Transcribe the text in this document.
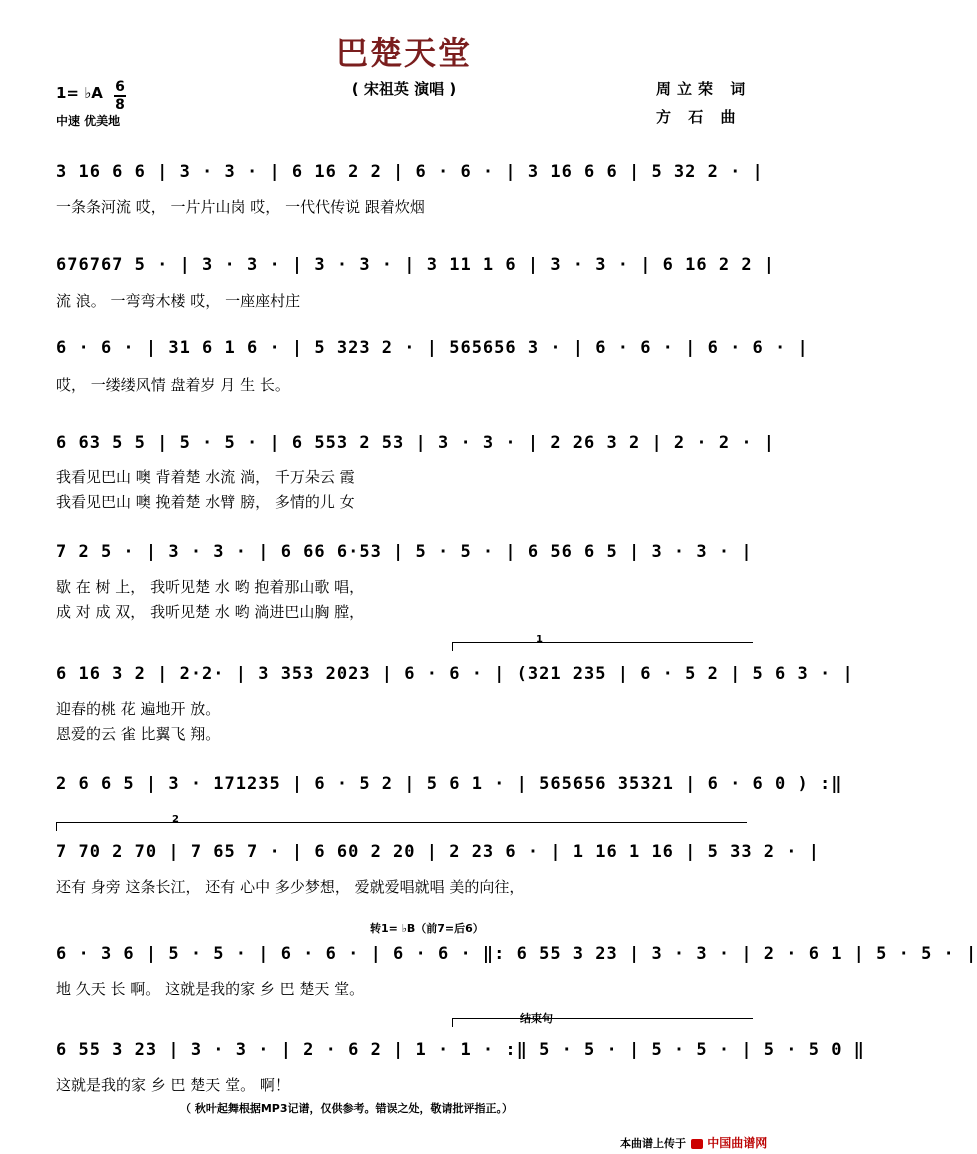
巴楚天堂
( 宋祖英 演唱 )	周立荣 词
方 石 曲
1= ♭A 6
8
中速 优美地
3 16 6 6 | 3 · 3 · | 6 16 2 2 | 6 · 6 · | 3 16 6 6 | 5 32 2 · |
一条条河流 哎， 一片片山岗 哎， 一代代传说 跟着炊烟
676767 5 · | 3 · 3 · | 3 · 3 · | 3 11 1 6 | 3 · 3 · | 6 16 2 2 |
流 浪。 一弯弯木楼 哎， 一座座村庄
6 · 6 · | 31 6 1 6 · | 5 323 2 · | 565656 3 · | 6 · 6 · | 6 · 6 · |
哎， 一缕缕风情 盘着岁 月 生 长。
6 63 5 5 | 5 · 5 · | 6 553 2 53 | 3 · 3 · | 2 26 3 2 | 2 · 2 · |
我看见巴山 噢 背着楚 水流 淌， 千万朵云 霞
我看见巴山 噢 挽着楚 水臂 膀， 多情的儿 女
7 2 5 · | 3 · 3 · | 6 66 6·53 | 5 · 5 · | 6 56 6 5 | 3 · 3 · |
歇 在 树 上， 我听见楚 水 哟 抱着那山歌 唱，
成 对 成 双， 我听见楚 水 哟 淌进巴山胸 膛，
1
6 16 3 2 | 2·2· | 3 353 2023 | 6 · 6 · | (321 235 | 6 · 5 2 | 5 6 3 · |
迎春的桃 花 遍地开 放。
恩爱的云 雀 比翼飞 翔。
2 6 6 5 | 3 · 171235 | 6 · 5 2 | 5 6 1 · | 565656 35321 | 6 · 6 0 ) :‖
2
7 70 2 70 | 7 65 7 · | 6 60 2 20 | 2 23 6 · | 1 16 1 16 | 5 33 2 · |
还有 身旁 这条长江， 还有 心中 多少梦想， 爱就爱唱就唱 美的向往，
转1= ♭B（前7=后6）
6 · 3 6 | 5 · 5 · | 6 · 6 · | 6 · 6 · ‖: 6 55 3 23 | 3 · 3 · | 2 · 6 1 | 5 · 5 · |
地 久天 长 啊。 这就是我的家 乡 巴 楚天 堂。
结束句
6 55 3 23 | 3 · 3 · | 2 · 6 2 | 1 · 1 · :‖ 5 · 5 · | 5 · 5 · | 5 · 5 0 ‖
这就是我的家 乡 巴 楚天 堂。 啊！
（ 秋叶起舞根据MP3记谱，仅供参考。错误之处，敬请批评指正。）
本曲谱上传于 中国曲谱网
